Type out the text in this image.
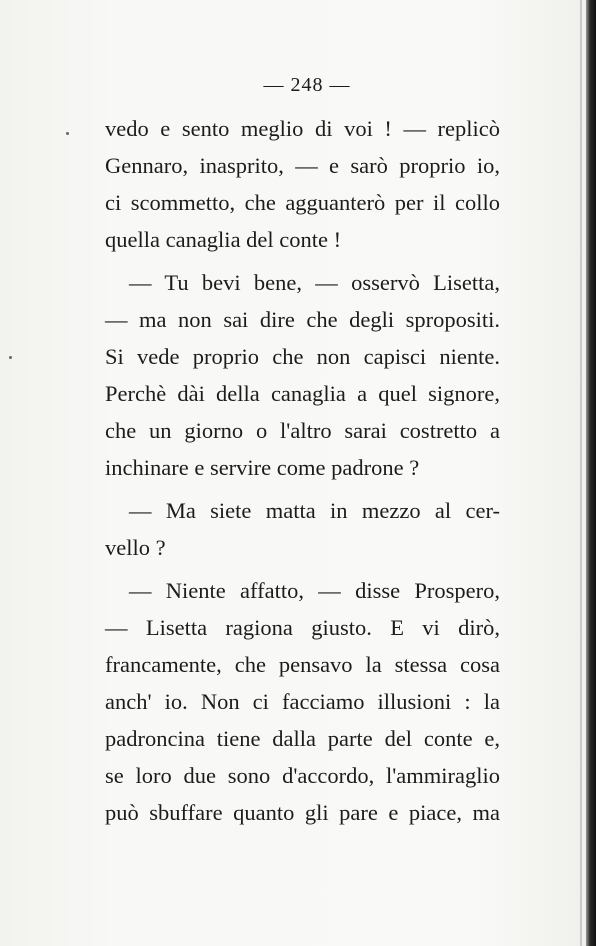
— 248 —
vedo e sento meglio di voi ! — replicò
Gennaro, inasprito, — e sarò proprio io,
ci scommetto, che agguanterò per il collo
quella canaglia del conte !
— Tu bevi bene, — osservò Lisetta,
— ma non sai dire che degli spropositi.
Si vede proprio che non capisci niente.
Perchè dài della canaglia a quel signore,
che un giorno o l'altro sarai costretto a
inchinare e servire come padrone ?
— Ma siete matta in mezzo al cer-
vello ?
— Niente affatto, — disse Prospero,
— Lisetta ragiona giusto. E vi dirò,
francamente, che pensavo la stessa cosa
anch' io. Non ci facciamo illusioni : la
padroncina tiene dalla parte del conte e,
se loro due sono d'accordo, l'ammiraglio
può sbuffare quanto gli pare e piace, ma
